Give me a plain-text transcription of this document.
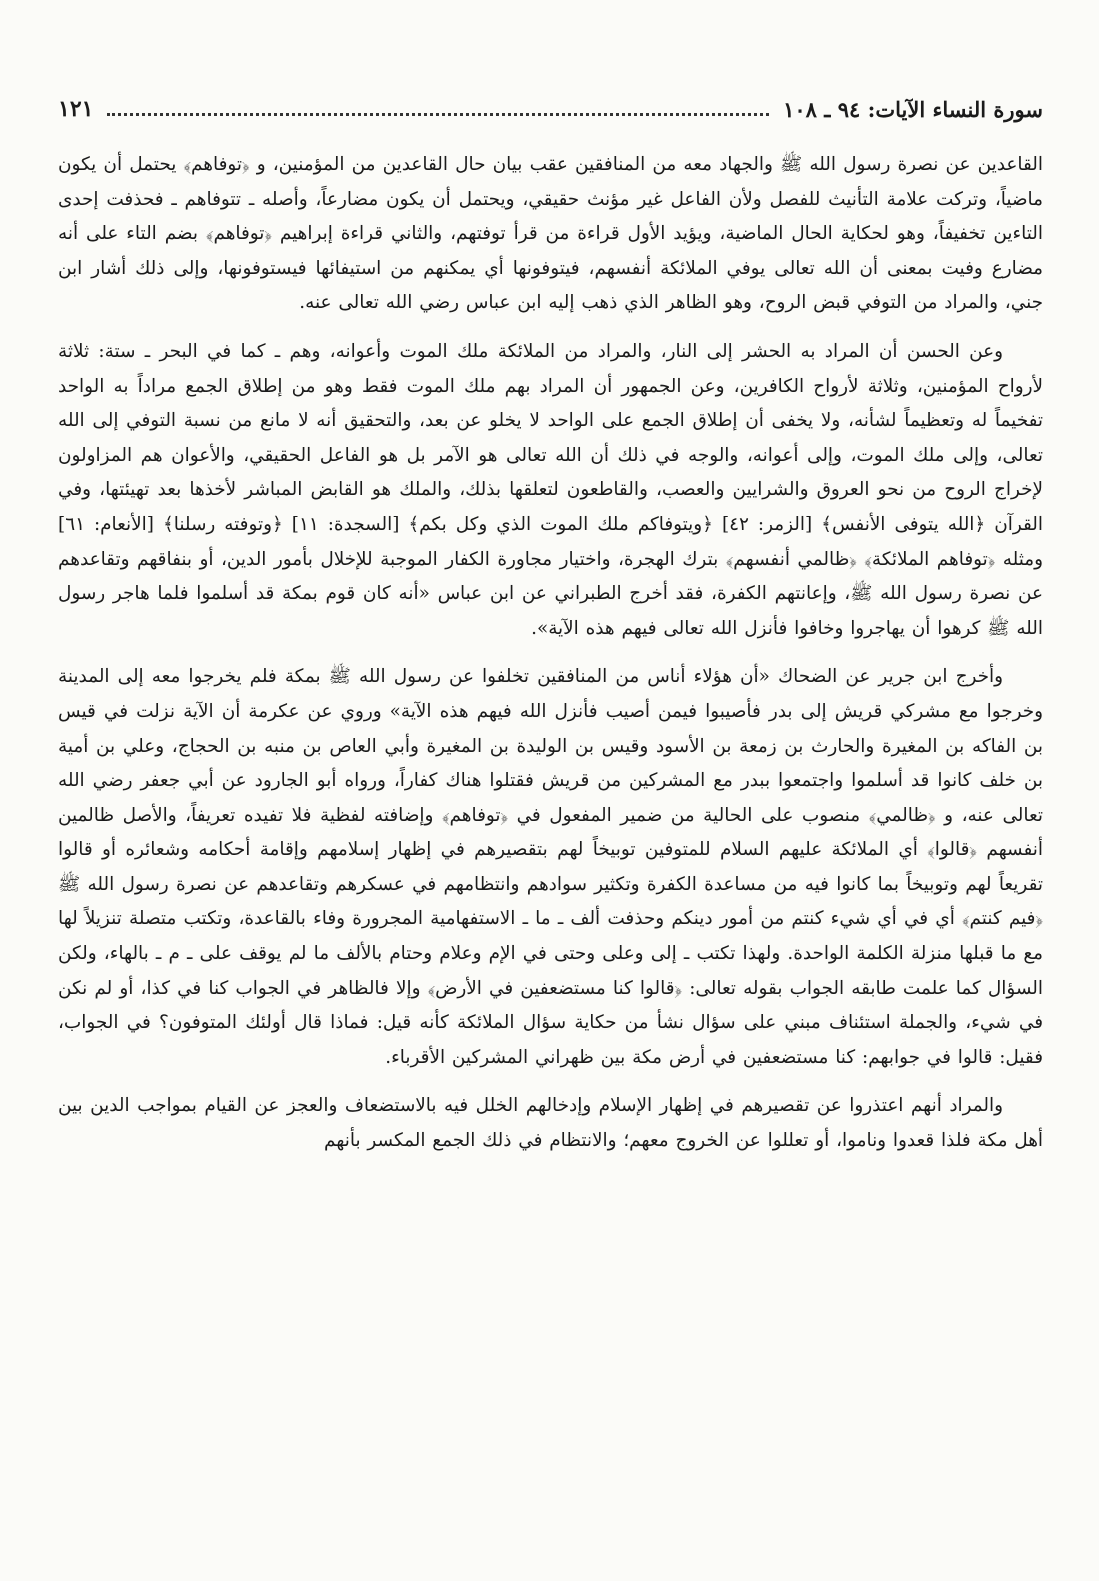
سورة النساء الآيات: ٩٤ ـ ١٠٨
١٢١

القاعدين عن نصرة رسول الله ﷺ والجهاد معه من المنافقين عقب بيان حال القاعدين من المؤمنين، و ﴿توفاهم﴾ يحتمل أن يكون ماضياً، وتركت علامة التأنيث للفصل ولأن الفاعل غير مؤنث حقيقي، ويحتمل أن يكون مضارعاً، وأصله ـ تتوفاهم ـ فحذفت إحدى التاءين تخفيفاً، وهو لحكاية الحال الماضية، ويؤيد الأول قراءة من قرأ توفتهم، والثاني قراءة إبراهيم ﴿توفاهم﴾ بضم التاء على أنه مضارع وفيت بمعنى أن الله تعالى يوفي الملائكة أنفسهم، فيتوفونها أي يمكنهم من استيفائها فيستوفونها، وإلى ذلك أشار ابن جني، والمراد من التوفي قبض الروح، وهو الظاهر الذي ذهب إليه ابن عباس رضي الله تعالى عنه.

وعن الحسن أن المراد به الحشر إلى النار، والمراد من الملائكة ملك الموت وأعوانه، وهم ـ كما في البحر ـ ستة: ثلاثة لأرواح المؤمنين، وثلاثة لأرواح الكافرين، وعن الجمهور أن المراد بهم ملك الموت فقط وهو من إطلاق الجمع مراداً به الواحد تفخيماً له وتعظيماً لشأنه، ولا يخفى أن إطلاق الجمع على الواحد لا يخلو عن بعد، والتحقيق أنه لا مانع من نسبة التوفي إلى الله تعالى، وإلى ملك الموت، وإلى أعوانه، والوجه في ذلك أن الله تعالى هو الآمر بل هو الفاعل الحقيقي، والأعوان هم المزاولون لإخراج الروح من نحو العروق والشرايين والعصب، والقاطعون لتعلقها بذلك، والملك هو القابض المباشر لأخذها بعد تهيئتها، وفي القرآن ﴿الله يتوفى الأنفس﴾ [الزمر: ٤٢] ﴿ويتوفاكم ملك الموت الذي وكل بكم﴾ [السجدة: ١١] ﴿وتوفته رسلنا﴾ [الأنعام: ٦١] ومثله ﴿توفاهم الملائكة﴾ ﴿ظالمي أنفسهم﴾ بترك الهجرة، واختيار مجاورة الكفار الموجبة للإخلال بأمور الدين، أو بنفاقهم وتقاعدهم عن نصرة رسول الله ﷺ، وإعانتهم الكفرة، فقد أخرج الطبراني عن ابن عباس «أنه كان قوم بمكة قد أسلموا فلما هاجر رسول الله ﷺ كرهوا أن يهاجروا وخافوا فأنزل الله تعالى فيهم هذه الآية».

وأخرج ابن جرير عن الضحاك «أن هؤلاء أناس من المنافقين تخلفوا عن رسول الله ﷺ بمكة فلم يخرجوا معه إلى المدينة وخرجوا مع مشركي قريش إلى بدر فأصيبوا فيمن أصيب فأنزل الله فيهم هذه الآية» وروي عن عكرمة أن الآية نزلت في قيس بن الفاكه بن المغيرة والحارث بن زمعة بن الأسود وقيس بن الوليدة بن المغيرة وأبي العاص بن منبه بن الحجاج، وعلي بن أمية بن خلف كانوا قد أسلموا واجتمعوا ببدر مع المشركين من قريش فقتلوا هناك كفاراً، ورواه أبو الجارود عن أبي جعفر رضي الله تعالى عنه، و ﴿ظالمي﴾ منصوب على الحالية من ضمير المفعول في ﴿توفاهم﴾ وإضافته لفظية فلا تفيده تعريفاً، والأصل ظالمين أنفسهم ﴿قالوا﴾ أي الملائكة عليهم السلام للمتوفين توبيخاً لهم بتقصيرهم في إظهار إسلامهم وإقامة أحكامه وشعائره أو قالوا تقريعاً لهم وتوبيخاً بما كانوا فيه من مساعدة الكفرة وتكثير سوادهم وانتظامهم في عسكرهم وتقاعدهم عن نصرة رسول الله ﷺ ﴿فيم كنتم﴾ أي في أي شيء كنتم من أمور دينكم وحذفت ألف ـ ما ـ الاستفهامية المجرورة وفاء بالقاعدة، وتكتب متصلة تنزيلاً لها مع ما قبلها منزلة الكلمة الواحدة. ولهذا تكتب ـ إلى وعلى وحتى في الإم وعلام وحتام بالألف ما لم يوقف على ـ م ـ بالهاء، ولكن السؤال كما علمت طابقه الجواب بقوله تعالى: ﴿قالوا كنا مستضعفين في الأرض﴾ وإلا فالظاهر في الجواب كنا في كذا، أو لم نكن في شيء، والجملة استئناف مبني على سؤال نشأ من حكاية سؤال الملائكة كأنه قيل: فماذا قال أولئك المتوفون؟ في الجواب، فقيل: قالوا في جوابهم: كنا مستضعفين في أرض مكة بين ظهراني المشركين الأقرباء.

والمراد أنهم اعتذروا عن تقصيرهم في إظهار الإسلام وإدخالهم الخلل فيه بالاستضعاف والعجز عن القيام بمواجب الدين بين أهل مكة فلذا قعدوا وناموا، أو تعللوا عن الخروج معهم؛ والانتظام في ذلك الجمع المكسر بأنهم
